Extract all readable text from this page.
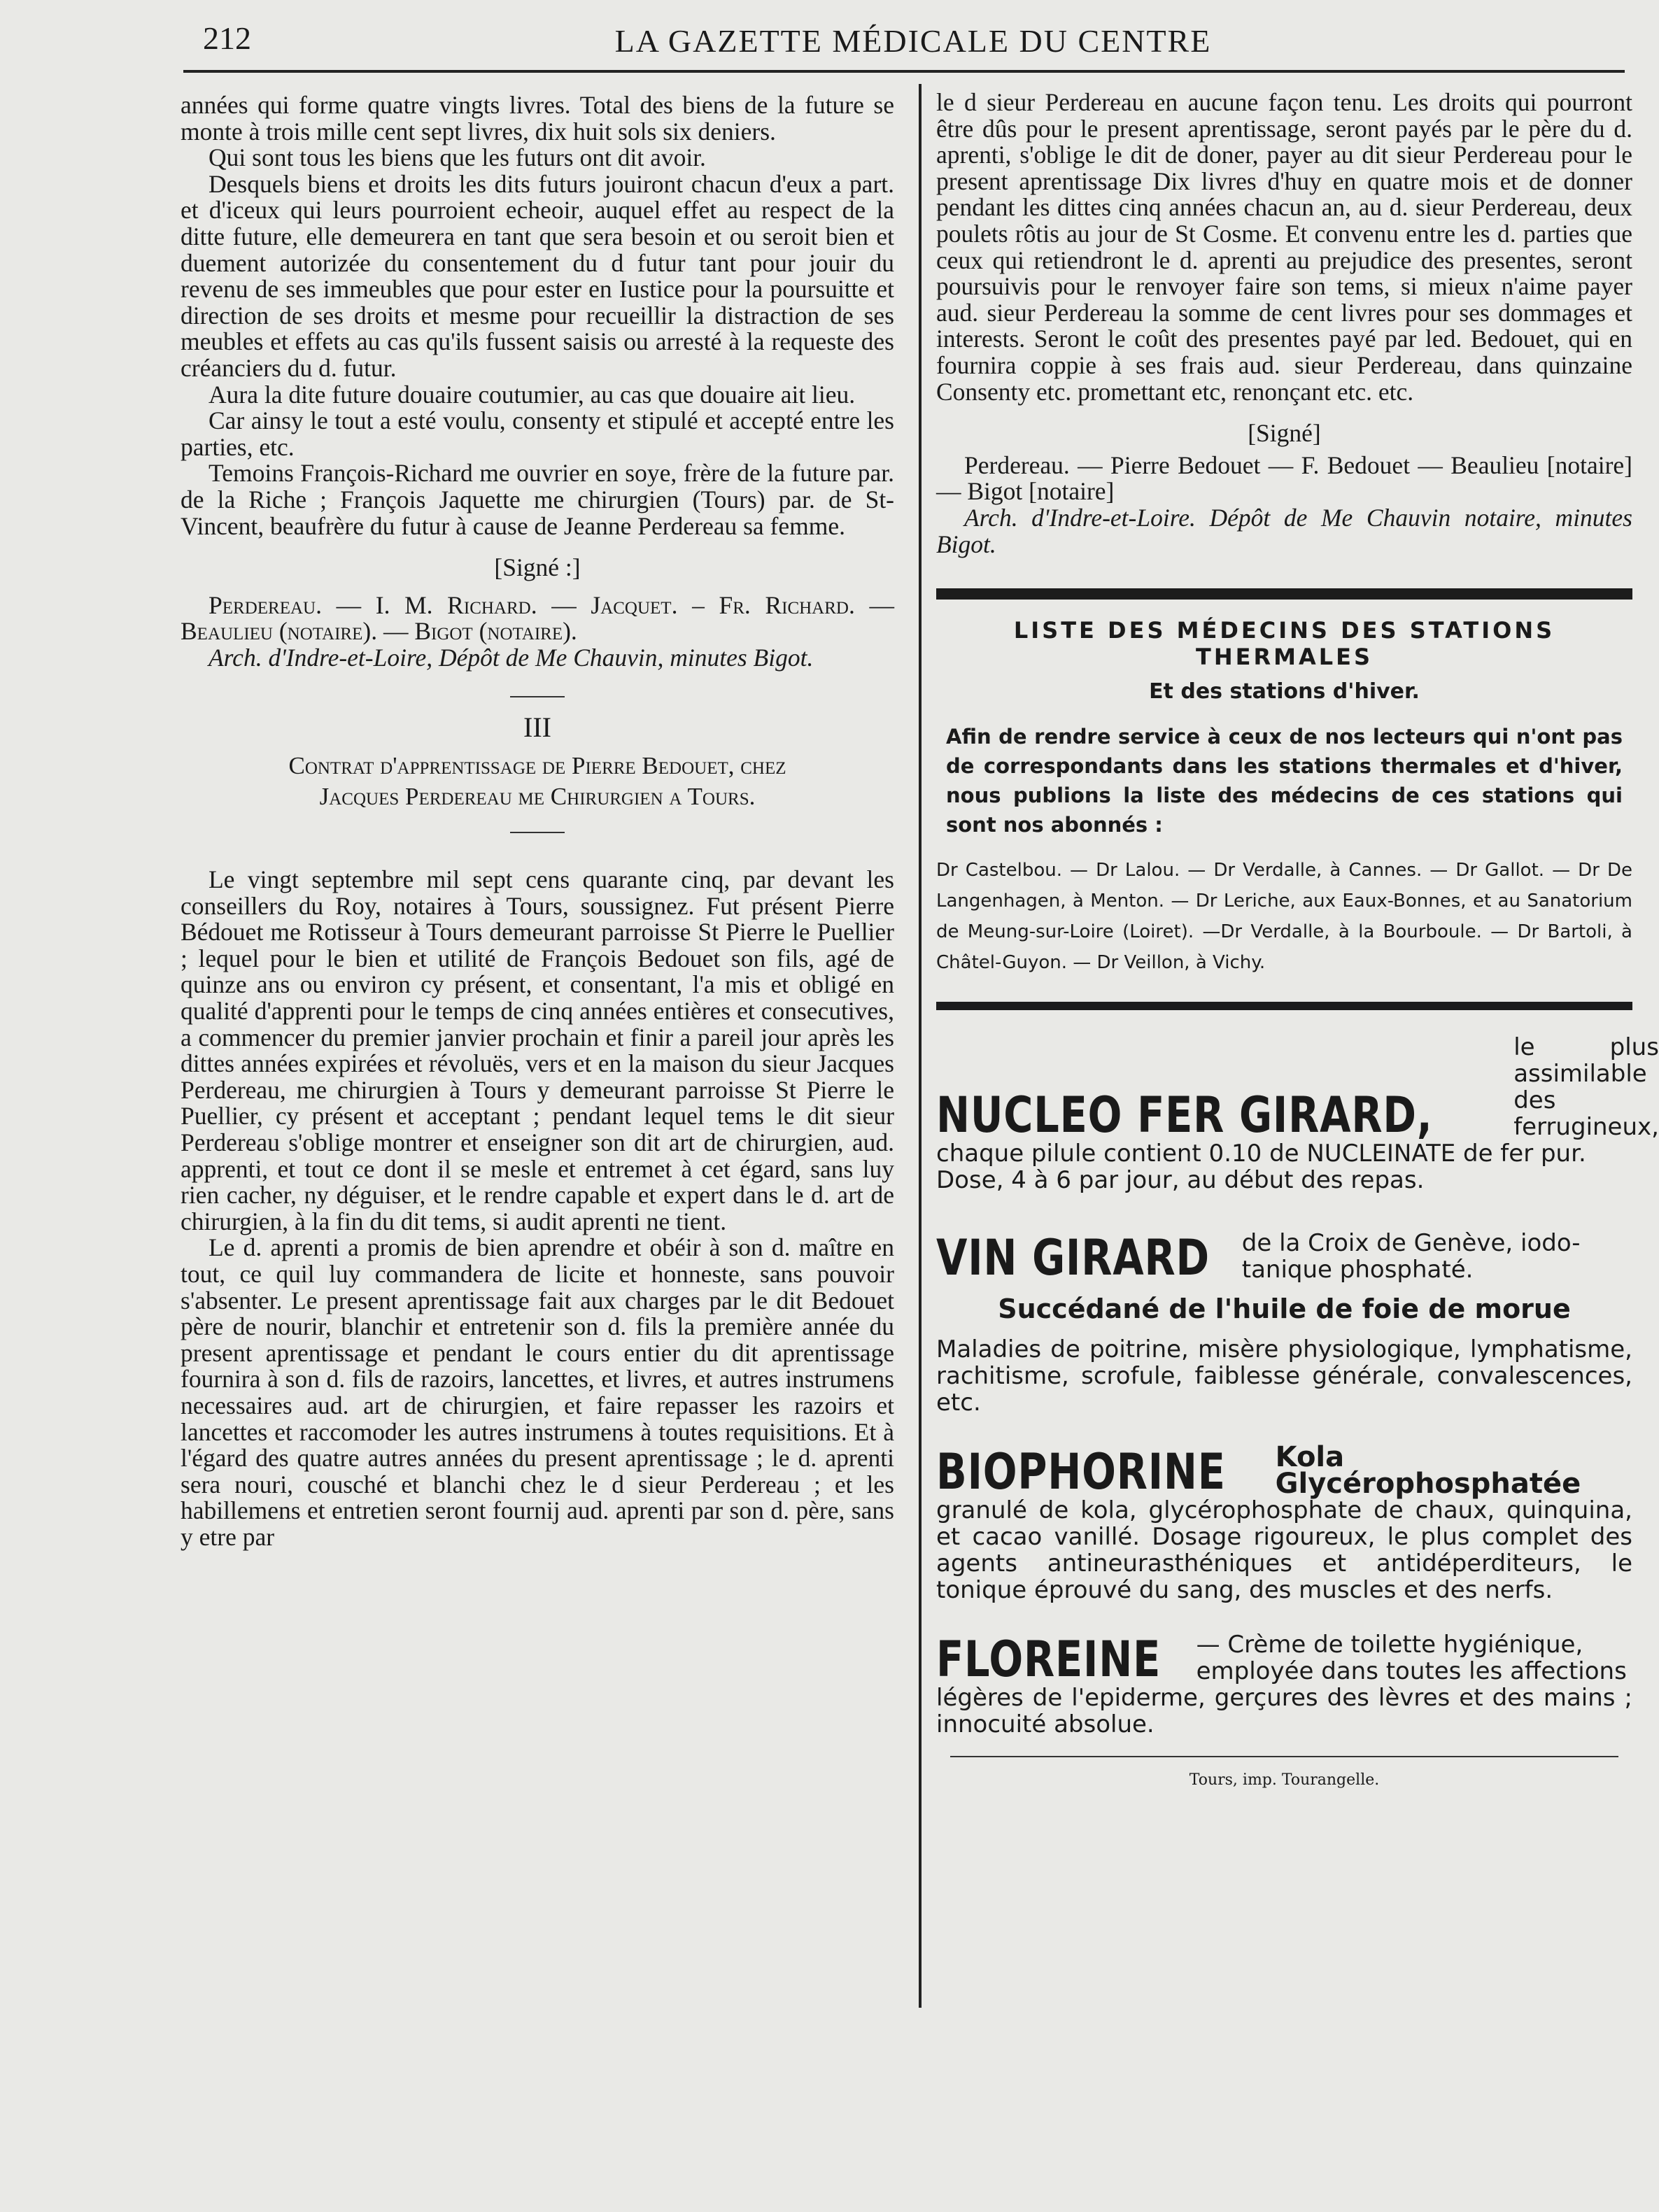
212	LA GAZETTE MÉDICALE DU CENTRE

années qui forme quatre vingts livres. Total des biens de la future se monte à trois mille cent sept livres, dix huit sols six deniers.

Qui sont tous les biens que les futurs ont dit avoir.

Desquels biens et droits les dits futurs jouiront chacun d'eux a part. et d'iceux qui leurs pourroient echeoir, auquel effet au respect de la ditte future, elle demeurera en tant que sera besoin et ou seroit bien et duement autorizée du consentement du d futur tant pour jouir du revenu de ses immeubles que pour ester en Iustice pour la poursuitte et direction de ses droits et mesme pour recueillir la distraction de ses meubles et effets au cas qu'ils fussent saisis ou arresté à la requeste des créanciers du d. futur.

Aura la dite future douaire coutumier, au cas que douaire ait lieu.

Car ainsy le tout a esté voulu, consenty et stipulé et accepté entre les parties, etc.

Temoins François-Richard me ouvrier en soye, frère de la future par. de la Riche ; François Jaquette me chirurgien (Tours) par. de St-Vincent, beaufrère du futur à cause de Jeanne Perdereau sa femme.

[Signé :]

Perdereau. — I. M. Richard. — Jacquet. – Fr. Richard. — Beaulieu (notaire). — Bigot (notaire).

Arch. d'Indre-et-Loire, Dépôt de Me Chauvin, minutes Bigot.

III
Contrat d'apprentissage de Pierre Bedouet, chez
Jacques Perdereau me Chirurgien a Tours.

Le vingt septembre mil sept cens quarante cinq, par devant les conseillers du Roy, notaires à Tours, soussignez. Fut présent Pierre Bédouet me Rotisseur à Tours demeurant parroisse St Pierre le Puellier ; lequel pour le bien et utilité de François Bedouet son fils, agé de quinze ans ou environ cy présent, et consentant, l'a mis et obligé en qualité d'apprenti pour le temps de cinq années entières et consecutives, a commencer du premier janvier prochain et finir a pareil jour après les dittes années expirées et révoluës, vers et en la maison du sieur Jacques Perdereau, me chirurgien à Tours y demeurant parroisse St Pierre le Puellier, cy présent et acceptant ; pendant lequel tems le dit sieur Perdereau s'oblige montrer et enseigner son dit art de chirurgien, aud. apprenti, et tout ce dont il se mesle et entremet à cet égard, sans luy rien cacher, ny déguiser, et le rendre capable et expert dans le d. art de chirurgien, à la fin du dit tems, si audit aprenti ne tient.

Le d. aprenti a promis de bien aprendre et obéir à son d. maître en tout, ce quil luy commandera de licite et honneste, sans pouvoir s'absenter. Le present aprentissage fait aux charges par le dit Bedouet père de nourir, blanchir et entretenir son d. fils la première année du present aprentissage et pendant le cours entier du dit aprentissage fournira à son d. fils de razoirs, lancettes, et livres, et autres instrumens necessaires aud. art de chirurgien, et faire repasser les razoirs et lancettes et raccomoder les autres instrumens à toutes requisitions. Et à l'égard des quatre autres années du present aprentissage ; le d. aprenti sera nouri, cousché et blanchi chez le d sieur Perdereau ; et les habillemens et entretien seront fournij aud. aprenti par son d. père, sans y etre par

le d sieur Perdereau en aucune façon tenu. Les droits qui pourront être dûs pour le present aprentissage, seront payés par le père du d. aprenti, s'oblige le dit de doner, payer au dit sieur Perdereau pour le present aprentissage Dix livres d'huy en quatre mois et de donner pendant les dittes cinq années chacun an, au d. sieur Perdereau, deux poulets rôtis au jour de St Cosme. Et convenu entre les d. parties que ceux qui retiendront le d. aprenti au prejudice des presentes, seront poursuivis pour le renvoyer faire son tems, si mieux n'aime payer aud. sieur Perdereau la somme de cent livres pour ses dommages et interests. Seront le coût des presentes payé par led. Bedouet, qui en fournira coppie à ses frais aud. sieur Perdereau, dans quinzaine Consenty etc. promettant etc, renonçant etc. etc.

[Signé]

Perdereau. — Pierre Bedouet — F. Bedouet — Beaulieu [notaire] — Bigot [notaire]

Arch. d'Indre-et-Loire. Dépôt de Me Chauvin notaire, minutes Bigot.

LISTE DES MÉDECINS DES STATIONS THERMALES
Et des stations d'hiver.
Afin de rendre service à ceux de nos lecteurs qui n'ont pas de correspondants dans les stations thermales et d'hiver, nous publions la liste des médecins de ces stations qui sont nos abonnés :
Dr Castelbou. — Dr Lalou. — Dr Verdalle, à Cannes. — Dr Gallot. — Dr De Langenhagen, à Menton. — Dr Leriche, aux Eaux-Bonnes, et au Sanatorium de Meung-sur-Loire (Loiret). —Dr Verdalle, à la Bourboule. — Dr Bartoli, à Châtel-Guyon. — Dr Veillon, à Vichy.
NUCLEO FER GIRARD,
le plus assimilable
des ferrugineux,
chaque pilule contient 0.10 de NUCLEINATE de fer pur.
Dose, 4 à 6 par jour, au début des repas.
VIN GIRARD de la Croix de Genève, iodo-
tanique phosphaté.
Succédané de l'huile de foie de morue
Maladies de poitrine, misère physiologique, lymphatisme, rachitisme, scrofule, faiblesse générale, convalescences, etc.
BIOPHORINE Kola Glycérophosphatée
granulé de kola, glycérophosphate de chaux, quinquina, et cacao vanillé. Dosage rigoureux, le plus complet des agents antineurasthéniques et antidéperditeurs, le tonique éprouvé du sang, des muscles et des nerfs.
FLOREINE — Crème de toilette hygiénique,
employée dans toutes les affections
légères de l'epiderme, gerçures des lèvres et des mains ; innocuité absolue.
Tours, imp. Tourangelle.
